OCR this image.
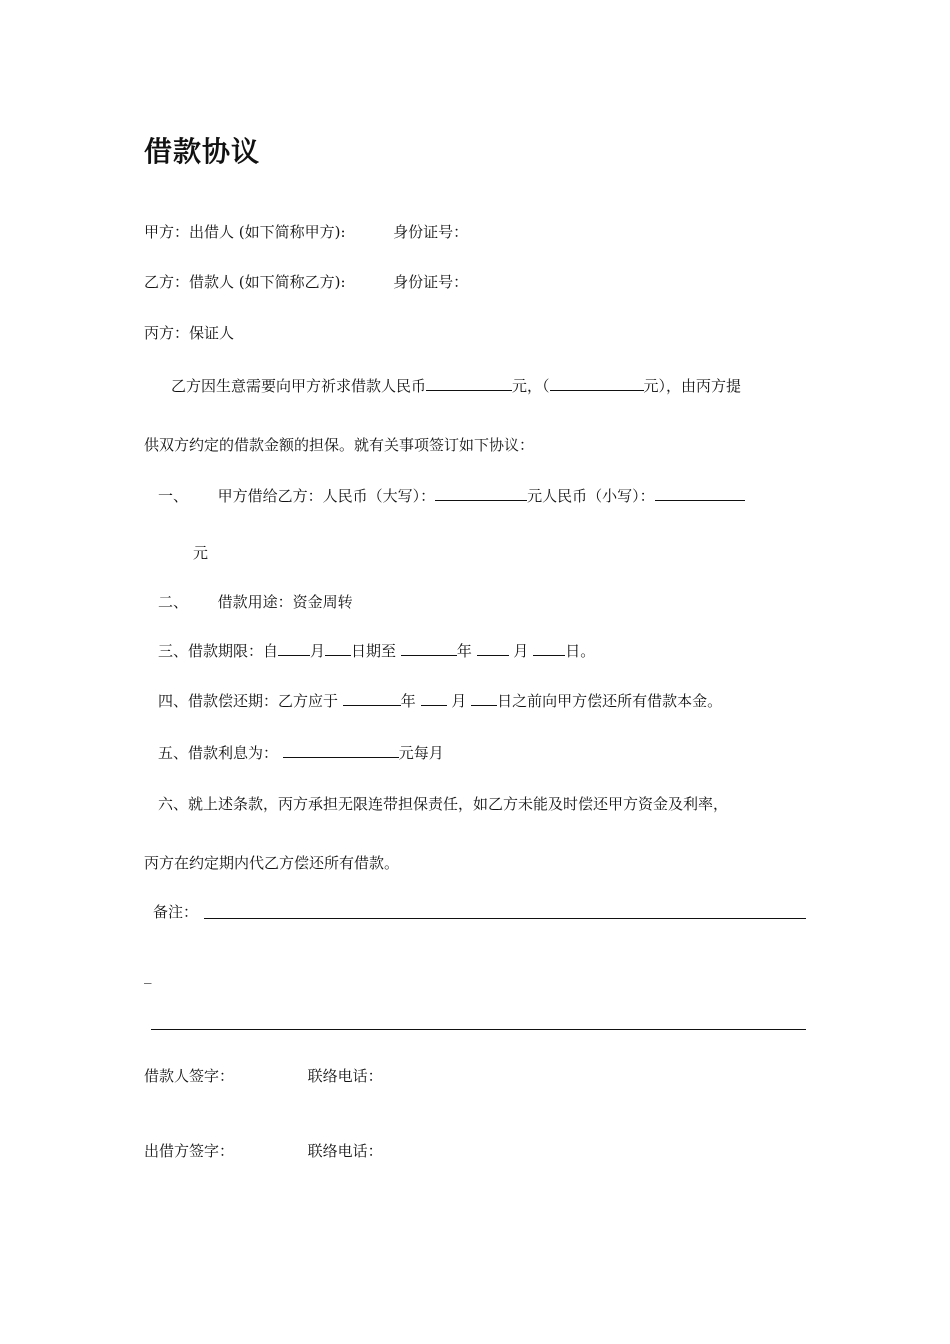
借款协议
甲方：出借人 (如下简称甲方):	身份证号：
乙方：借款人 (如下简称乙方):	身份证号：
丙方：保证人
乙方因生意需要向甲方祈求借款人民币	元，（	元），由丙方提
供双方约定的借款金额的担保。就有关事项签订如下协议：
一、 甲方借给乙方：人民币（大写）：	元人民币（小写）：
元
二、 借款用途：资金周转
三、借款期限：自 月 日期至	年	月 日。
四、借款偿还期：乙方应于	年 月 日之前向甲方偿还所有借款本金。
五、借款利息为：	元每月
六、就上述条款，丙方承担无限连带担保责任，如乙方未能及时偿还甲方资金及利率，
丙方在约定期内代乙方偿还所有借款。
备注：
_
借款人签字：	联络电话：
出借方签字：	联络电话：
